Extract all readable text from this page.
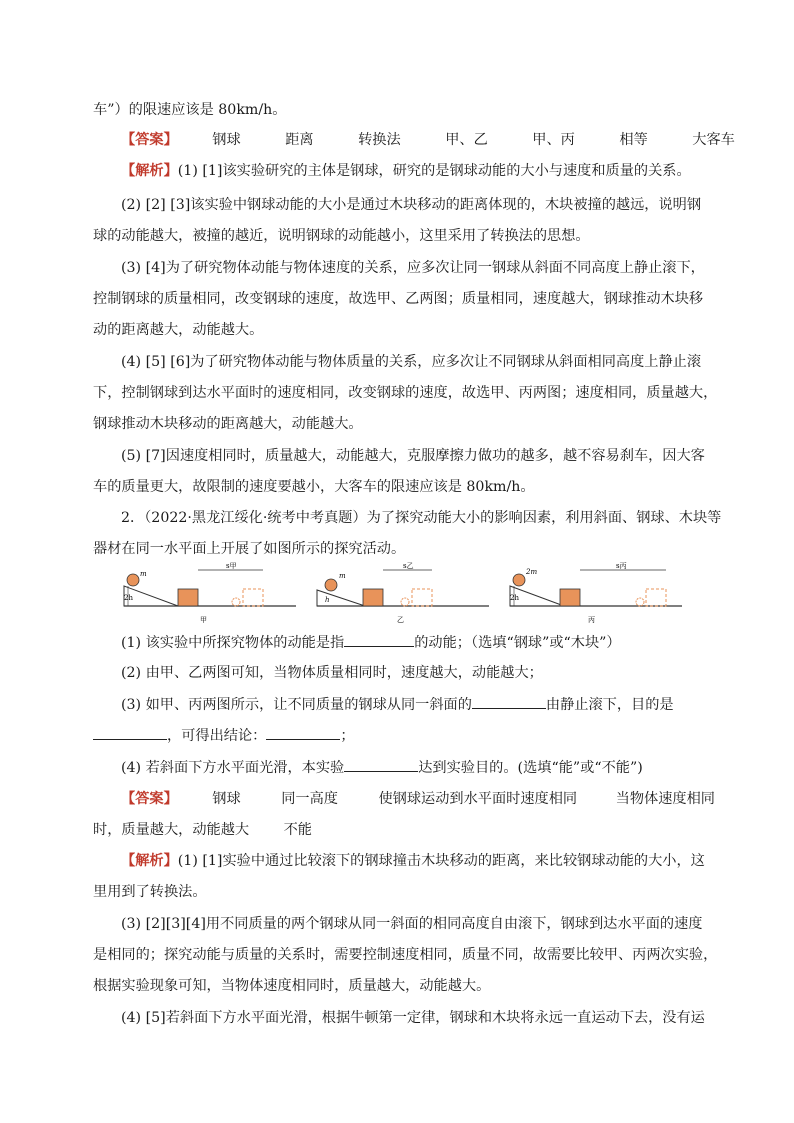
车”）的限速应该是 80km/h。
【答案】 钢球	距离	转换法	甲、乙	甲、丙	相等	大客车
【解析】(1) [1]该实验研究的主体是钢球，研究的是钢球动能的大小与速度和质量的关系。
(2) [2] [3]该实验中钢球动能的大小是通过木块移动的距离体现的，木块被撞的越远，说明钢
球的动能越大，被撞的越近，说明钢球的动能越小，这里采用了转换法的思想。
(3) [4]为了研究物体动能与物体速度的关系，应多次让同一钢球从斜面不同高度上静止滚下，
控制钢球的质量相同，改变钢球的速度，故选甲、乙两图；质量相同，速度越大，钢球推动木块移
动的距离越大，动能越大。
(4) [5] [6]为了研究物体动能与物体质量的关系，应多次让不同钢球从斜面相同高度上静止滚
下，控制钢球到达水平面时的速度相同，改变钢球的速度，故选甲、丙两图；速度相同，质量越大，
钢球推动木块移动的距离越大，动能越大。
(5) [7]因速度相同时，质量越大，动能越大，克服摩擦力做功的越多，越不容易刹车，因大客
车的质量更大，故限制的速度要越小，大客车的限速应该是 80km/h。
2．（2022·黑龙江绥化·统考中考真题）为了探究动能大小的影响因素，利用斜面、钢球、木块等
器材在同一水平面上开展了如图所示的探究活动。
2h
m
s甲
甲
h
m
s乙
乙
2h
2m
s丙
丙
(1) 该实验中所探究物体的动能是指	的动能；（选填“钢球”或“木块”）
(2) 由甲、乙两图可知，当物体质量相同时，速度越大，动能越大；
(3) 如甲、丙两图所示，让不同质量的钢球从同一斜面的	由静止滚下，目的是
，可得出结论：	；
(4) 若斜面下方水平面光滑，本实验	达到实验目的。(选填“能”或“不能”)
【答案】 钢球	同一高度	使钢球运动到水平面时速度相同	当物体速度相同
时，质量越大，动能越大 不能
【解析】(1) [1]实验中通过比较滚下的钢球撞击木块移动的距离，来比较钢球动能的大小，这
里用到了转换法。
(3) [2][3][4]用不同质量的两个钢球从同一斜面的相同高度自由滚下，钢球到达水平面的速度
是相同的；探究动能与质量的关系时，需要控制速度相同，质量不同，故需要比较甲、丙两次实验，
根据实验现象可知，当物体速度相同时，质量越大，动能越大。
(4) [5]若斜面下方水平面光滑，根据牛顿第一定律，钢球和木块将永远一直运动下去，没有运
